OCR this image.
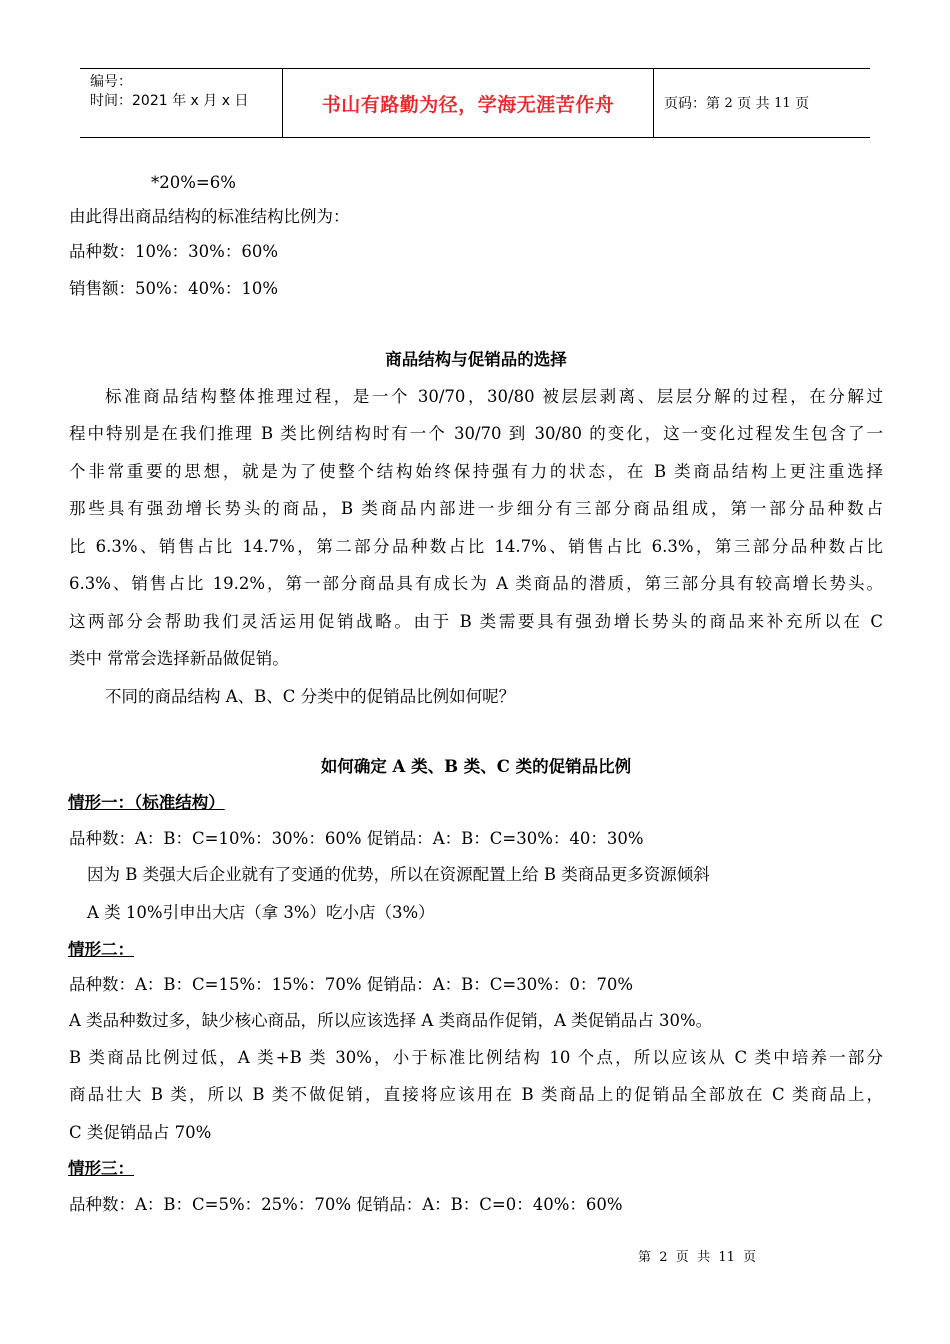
编号：
时间：2021 年 x 月 x 日	书山有路勤为径，学海无涯苦作舟	页码：第
2
页 共
11
页
*20%=6%
由此得出商品结构的标准结构比例为：
品种数：10%：30%：60%
销售额：50%：40%：10%
商品结构与促销品的选择
标准商品结构整体推理过程，是一个 30/70，30/80 被层层剥离、层层分解的过程，在分解过
程中特别是在我们推理 B 类比例结构时有一个 30/70 到 30/80 的变化，这一变化过程发生包含了一
个非常重要的思想，就是为了使整个结构始终保持强有力的状态，在 B 类商品结构上更注重选择
那些具有强劲增长势头的商品，B 类商品内部进一步细分有三部分商品组成，第一部分品种数占
比 6.3%、销售占比 14.7%，第二部分品种数占比 14.7%、销售占比 6.3%，第三部分品种数占比
6.3%、销售占比 19.2%，第一部分商品具有成长为 A 类商品的潜质，第三部分具有较高增长势头。
这两部分会帮助我们灵活运用促销战略。由于 B 类需要具有强劲增长势头的商品来补充所以在 C
类中 常常会选择新品做促销。
不同的商品结构 A、B、C 分类中的促销品比例如何呢？
如何确定 A 类、B 类、C 类的促销品比例
情形一：（标准结构）
品种数：A：B：C=10%：30%：60% 促销品：A：B：C=30%：40：30%
因为 B 类强大后企业就有了变通的优势，所以在资源配置上给 B 类商品更多资源倾斜
A 类 10%引申出大店（拿 3%）吃小店（3%）
情形二：
品种数：A：B：C=15%：15%：70% 促销品：A：B：C=30%：0：70%
A 类品种数过多，缺少核心商品，所以应该选择 A 类商品作促销，A 类促销品占 30%。
B 类商品比例过低，A 类+B 类 30%，小于标准比例结构 10 个点，所以应该从 C 类中培养一部分
商品壮大 B 类，所以 B 类不做促销，直接将应该用在 B 类商品上的促销品全部放在 C 类商品上，
C 类促销品占 70%
情形三：
品种数：A：B：C=5%：25%：70% 促销品：A：B：C=0：40%：60%
第  2  页  共  11  页
